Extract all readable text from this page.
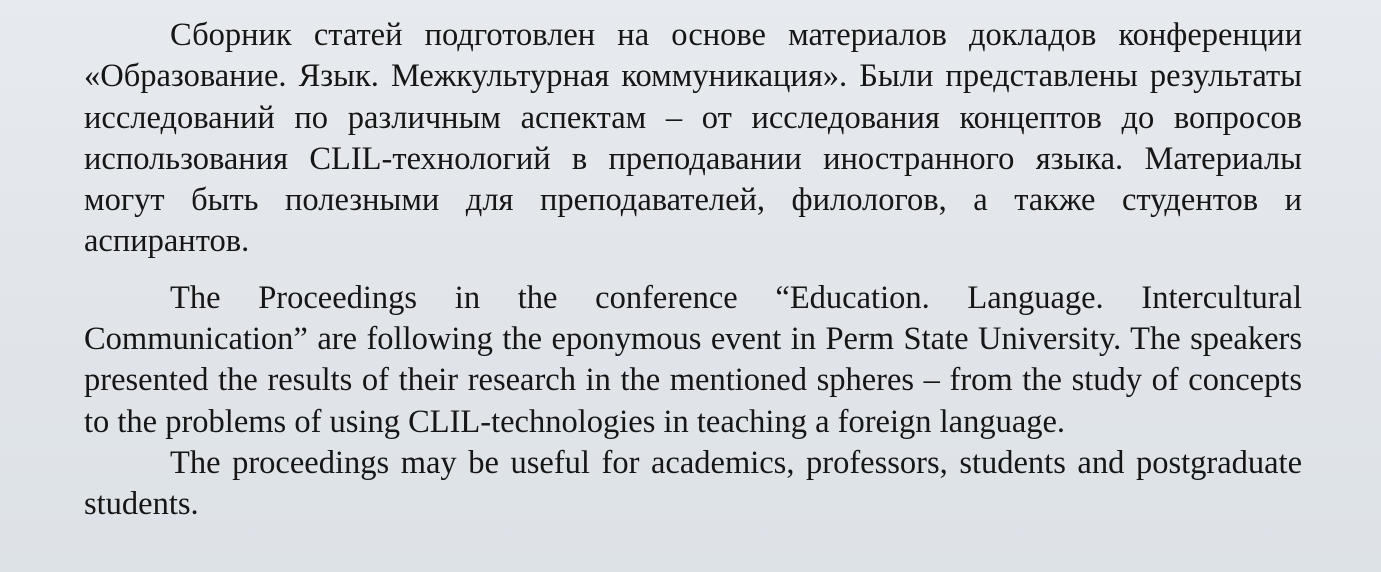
Сборник статей подготовлен на основе материалов докладов конференции «Образование. Язык. Межкультурная коммуникация». Были представлены результаты исследований по различным аспектам – от исследования концептов до вопросов использования CLIL-технологий в преподавании иностранного языка. Материалы могут быть полезными для преподавателей, филологов, а также студентов и аспирантов.

The Proceedings in the conference “Education. Language. Intercultural Communication” are following the eponymous event in Perm State University. The speakers presented the results of their research in the mentioned spheres – from the study of concepts to the problems of using CLIL-technologies in teaching a foreign language.

The proceedings may be useful for academics, professors, students and postgraduate students.
